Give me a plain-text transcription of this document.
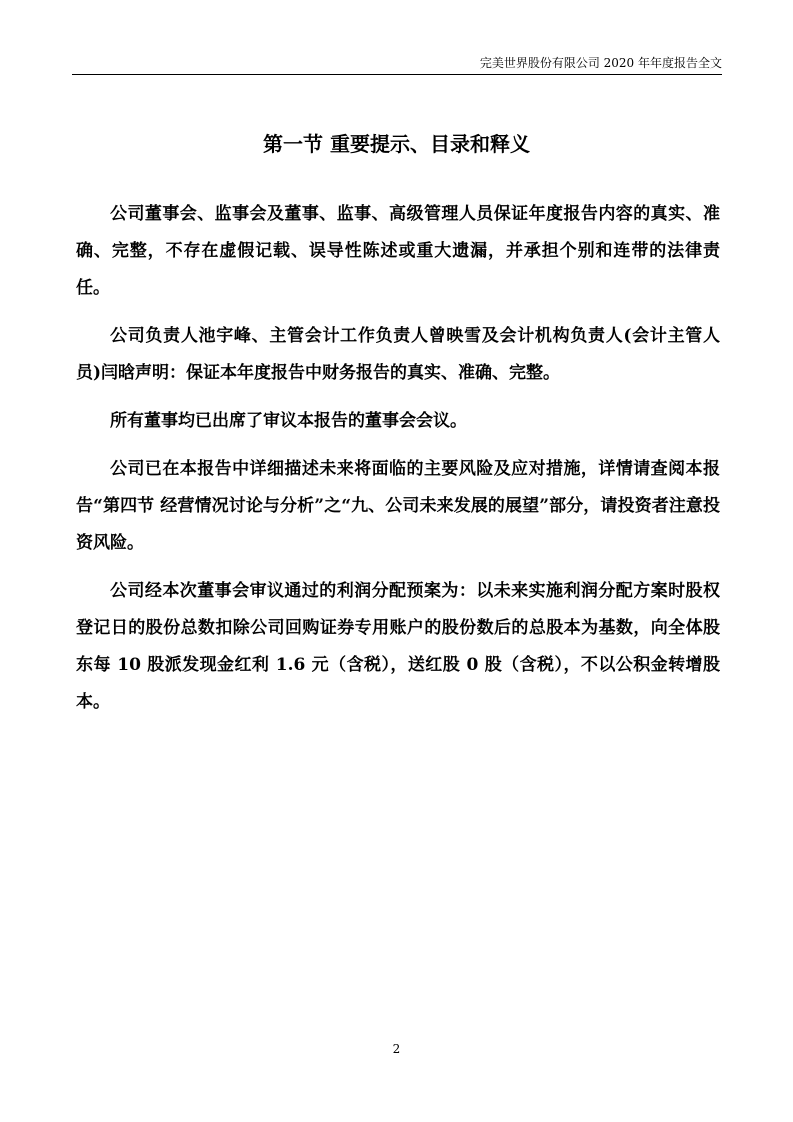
完美世界股份有限公司 2020 年年度报告全文
第一节 重要提示、目录和释义

公司董事会、监事会及董事、监事、高级管理人员保证年度报告内容的真实、准确、完整，不存在虚假记载、误导性陈述或重大遗漏，并承担个别和连带的法律责任。

公司负责人池宇峰、主管会计工作负责人曾映雪及会计机构负责人(会计主管人员)闫晗声明：保证本年度报告中财务报告的真实、准确、完整。

所有董事均已出席了审议本报告的董事会会议。

公司已在本报告中详细描述未来将面临的主要风险及应对措施，详情请查阅本报告“第四节 经营情况讨论与分析”之“九、公司未来发展的展望”部分，请投资者注意投资风险。

公司经本次董事会审议通过的利润分配预案为：以未来实施利润分配方案时股权登记日的股份总数扣除公司回购证券专用账户的股份数后的总股本为基数，向全体股东每 10 股派发现金红利 1.6 元（含税），送红股 0 股（含税），不以公积金转增股本。

2
